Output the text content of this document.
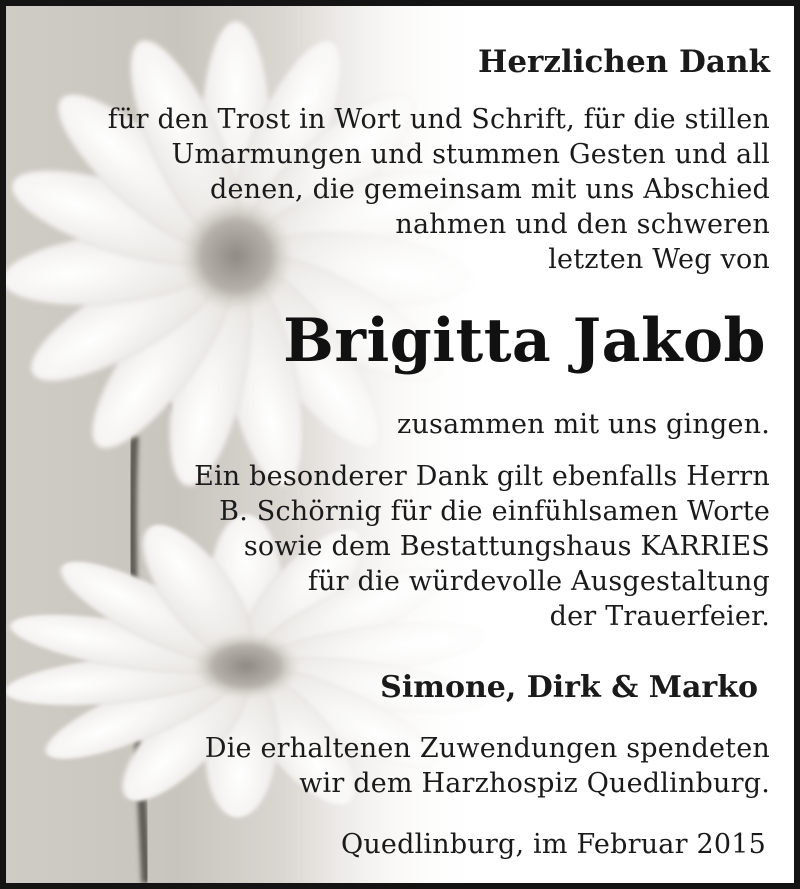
Herzlichen Dank

für den Trost in Wort und Schrift, für die stillen

Umarmungen und stummen Gesten und all

denen, die gemeinsam mit uns Abschied

nahmen und den schweren

letzten Weg von

Brigitta Jakob

zusammen mit uns gingen.

Ein besonderer Dank gilt ebenfalls Herrn

B. Schörnig für die einfühlsamen Worte

sowie dem Bestattungshaus KARRIES

für die würdevolle Ausgestaltung

der Trauerfeier.

Simone, Dirk & Marko

Die erhaltenen Zuwendungen spendeten

wir dem Harzhospiz Quedlinburg.

Quedlinburg, im Februar 2015
